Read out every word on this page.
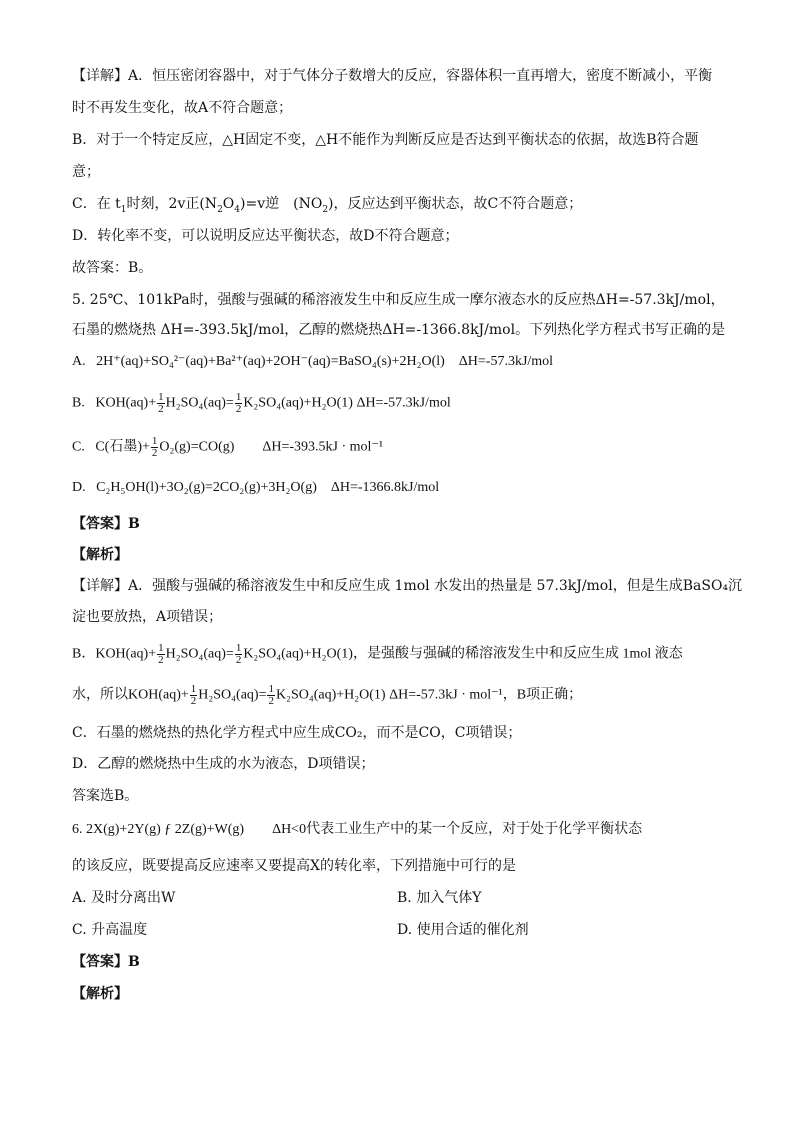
【详解】A．恒压密闭容器中，对于气体分子数增大的反应，容器体积一直再增大，密度不断减小，平衡
时不再发生变化，故A不符合题意；
B．对于一个特定反应，△H固定不变，△H不能作为判断反应是否达到平衡状态的依据，故选B符合题
意；
C．在 $t_1$时刻，2v正$(N_2O_4)=v$逆　$(NO_2)$，反应达到平衡状态，故C不符合题意；
D．转化率不变，可以说明反应达平衡状态，故D不符合题意；
故答案：B。
5. 25℃、101kPa时，强酸与强碱的稀溶液发生中和反应生成一摩尔液态水的反应热ΔH=-57.3kJ/mol，
石墨的燃烧热 ΔH=-393.5kJ/mol，乙醇的燃烧热ΔH=-1366.8kJ/mol。下列热化学方程式书写正确的是
A. 2H⁺(aq)+SO₄²⁻(aq)+Ba²⁺(aq)+2OH⁻(aq)=BaSO₄(s)+2H₂O(l)　ΔH=-57.3kJ/mol
B. $KOH(aq)+ \frac{1}{2} H_2SO_4(aq)= \frac{1}{2} K_2SO_4(aq)+H_2O(1)$ ΔH=-57.3kJ/mol
C. C(石墨)+ $\frac{1}{2} O_2(g)=CO(g)$　　ΔH=-393.5kJ · mol⁻¹
D. C₂H₅OH(l)+3O₂(g)=2CO₂(g)+3H₂O(g)　ΔH=-1366.8kJ/mol
【答案】B
【解析】
【详解】A．强酸与强碱的稀溶液发生中和反应生成 1mol 水发出的热量是 57.3kJ/mol，但是生成BaSO₄沉
淀也要放热，A项错误；
B．$KOH(aq)+ \frac{1}{2} H_2SO_4(aq)= \frac{1}{2} K_2SO_4(aq)+H_2O(1)$，是强酸与强碱的稀溶液发生中和反应生成 1mol 液态
水，所以$KOH(aq)+ \frac{1}{2} H_2SO_4(aq)= \frac{1}{2} K_2SO_4(aq)+H_2O(1) \Delta H=-57.3kJ \cdot mol^{-1}$，B项正确；
C．石墨的燃烧热的热化学方程式中应生成CO₂，而不是CO，C项错误；
D．乙醇的燃烧热中生成的水为液态，D项错误；
答案选B。
6. 2X(g)+2Y(g) ƒ 2Z(g)+W(g)　　ΔH<0代表工业生产中的某一个反应，对于处于化学平衡状态
的该反应，既要提高反应速率又要提高X的转化率，下列措施中可行的是
A. 及时分离出W	B. 加入气体Y
C. 升高温度	D. 使用合适的催化剂
【答案】B
【解析】
